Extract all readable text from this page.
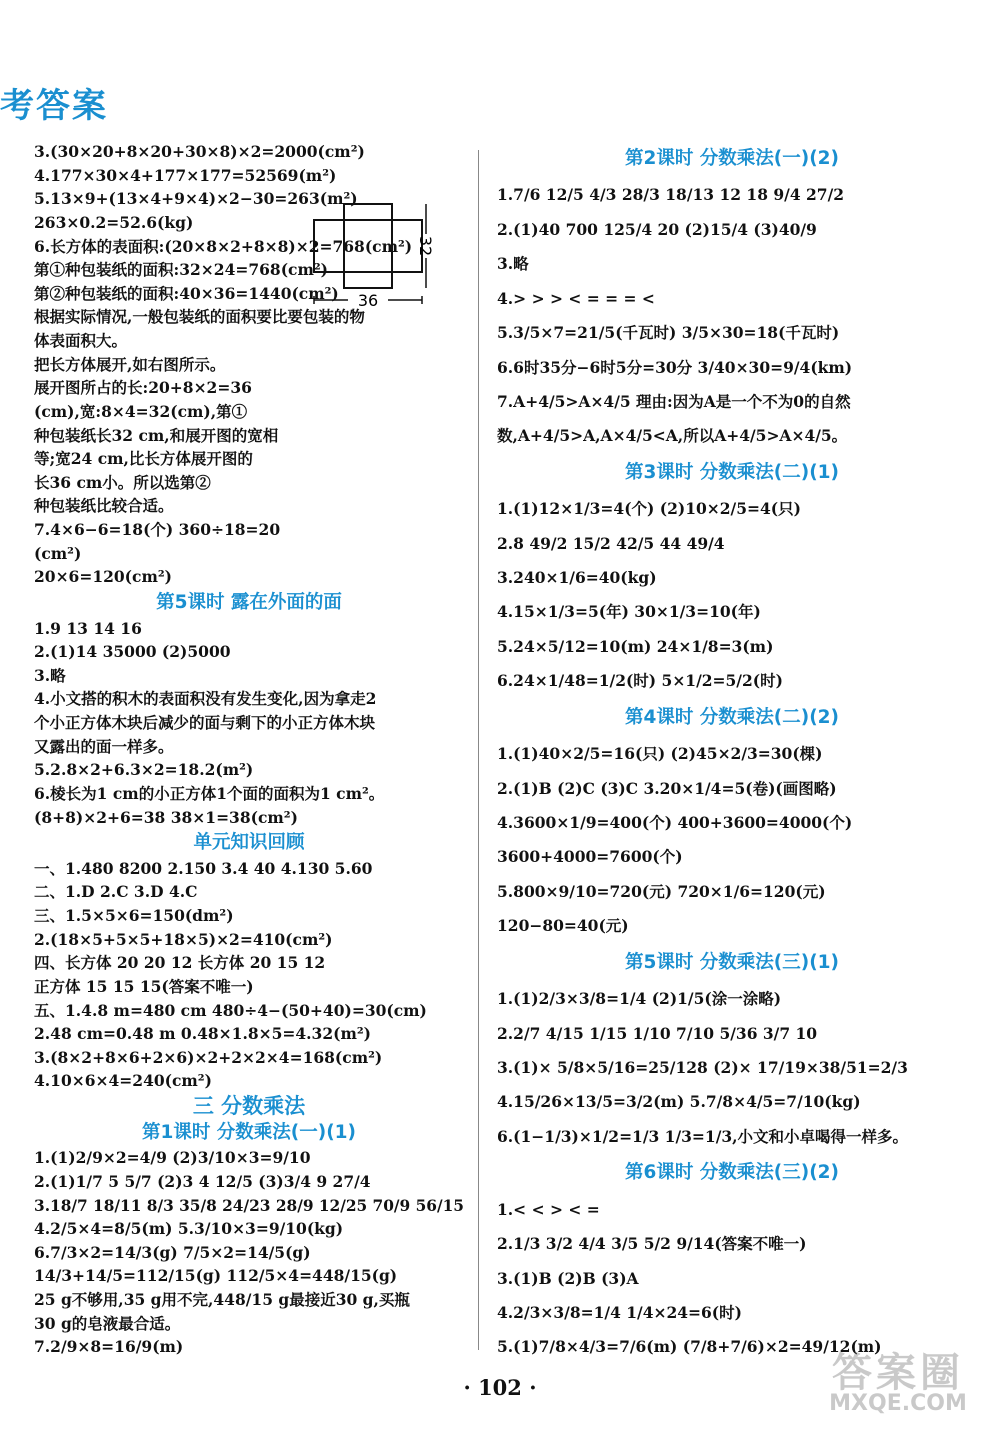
考答案
3.(30×20+8×20+30×8)×2=2000(cm²)
4.177×30×4+177×177=52569(m²)
5.13×9+(13×4+9×4)×2−30=263(m²)
263×0.2=52.6(kg)
6.长方体的表面积:(20×8×2+8×8)×2=768(cm²)
第①种包装纸的面积:32×24=768(cm²)
第②种包装纸的面积:40×36=1440(cm²)
根据实际情况,一般包装纸的面积要比要包装的物
体表面积大。
把长方体展开,如右图所示。
展开图所占的长:20+8×2=36
(cm),宽:8×4=32(cm),第①
种包装纸长32 cm,和展开图的宽相
等;宽24 cm,比长方体展开图的
长36 cm小。所以选第②
种包装纸比较合适。
7.4×6−6=18(个) 360÷18=20
(cm²)
20×6=120(cm²)
第5课时 露在外面的面
1.9 13 14 16
2.(1)14 35000 (2)5000
3.略
4.小文搭的积木的表面积没有发生变化,因为拿走2
个小正方体木块后减少的面与剩下的小正方体木块
又露出的面一样多。
5.2.8×2+6.3×2=18.2(m²)
6.棱长为1 cm的小正方体1个面的面积为1 cm²。
(8+8)×2+6=38 38×1=38(cm²)
单元知识回顾
一、1.480 8200 2.150 3.4 40 4.130 5.60
二、1.D 2.C 3.D 4.C
三、1.5×5×6=150(dm²)
2.(18×5+5×5+18×5)×2=410(cm²)
四、长方体 20 20 12 长方体 20 15 12
正方体 15 15 15(答案不唯一)
五、1.4.8 m=480 cm 480÷4−(50+40)=30(cm)
2.48 cm=0.48 m 0.48×1.8×5=4.32(m²)
3.(8×2+8×6+2×6)×2+2×2×4=168(cm²)
4.10×6×4=240(cm²)
三 分数乘法
第1课时 分数乘法(一)(1)
1.(1)2/9×2=4/9 (2)3/10×3=9/10
2.(1)1/7 5 5/7 (2)3 4 12/5 (3)3/4 9 27/4
3.18/7 18/11 8/3 35/8 24/23 28/9 12/25 70/9 56/15
4.2/5×4=8/5(m) 5.3/10×3=9/10(kg)
6.7/3×2=14/3(g) 7/5×2=14/5(g)
14/3+14/5=112/15(g) 112/5×4=448/15(g)
25 g不够用,35 g用不完,448/15 g最接近30 g,买瓶
30 g的皂液最合适。
7.2/9×8=16/9(m)
第2课时 分数乘法(一)(2)
1.7/6 12/5 4/3 28/3 18/13 12 18 9/4 27/2
2.(1)40 700 125/4 20 (2)15/4 (3)40/9
3.略
4.> > > < = = = <
5.3/5×7=21/5(千瓦时) 3/5×30=18(千瓦时)
6.6时35分−6时5分=30分 3/40×30=9/4(km)
7.A+4/5>A×4/5 理由:因为A是一个不为0的自然
数,A+4/5>A,A×4/5<A,所以A+4/5>A×4/5。
第3课时 分数乘法(二)(1)
1.(1)12×1/3=4(个) (2)10×2/5=4(只)
2.8 49/2 15/2 42/5 44 49/4
3.240×1/6=40(kg)
4.15×1/3=5(年) 30×1/3=10(年)
5.24×5/12=10(m) 24×1/8=3(m)
6.24×1/48=1/2(时) 5×1/2=5/2(时)
第4课时 分数乘法(二)(2)
1.(1)40×2/5=16(只) (2)45×2/3=30(棵)
2.(1)B (2)C (3)C 3.20×1/4=5(卷)(画图略)
4.3600×1/9=400(个) 400+3600=4000(个)
3600+4000=7600(个)
5.800×9/10=720(元) 720×1/6=120(元)
120−80=40(元)
第5课时 分数乘法(三)(1)
1.(1)2/3×3/8=1/4 (2)1/5(涂一涂略)
2.2/7 4/15 1/15 1/10 7/10 5/36 3/7 10
3.(1)× 5/8×5/16=25/128 (2)× 17/19×38/51=2/3
4.15/26×13/5=3/2(m) 5.7/8×4/5=7/10(kg)
6.(1−1/3)×1/2=1/3 1/3=1/3,小文和小卓喝得一样多。
第6课时 分数乘法(三)(2)
1.< < > < =
2.1/3 3/2 4/4 3/5 5/2 9/14(答案不唯一)
3.(1)B (2)B (3)A
4.2/3×3/8=1/4 1/4×24=6(时)
5.(1)7/8×4/3=7/6(m) (7/8+7/6)×2=49/12(m)
36
32
· 102 ·	答案圈
MXQE.COM
